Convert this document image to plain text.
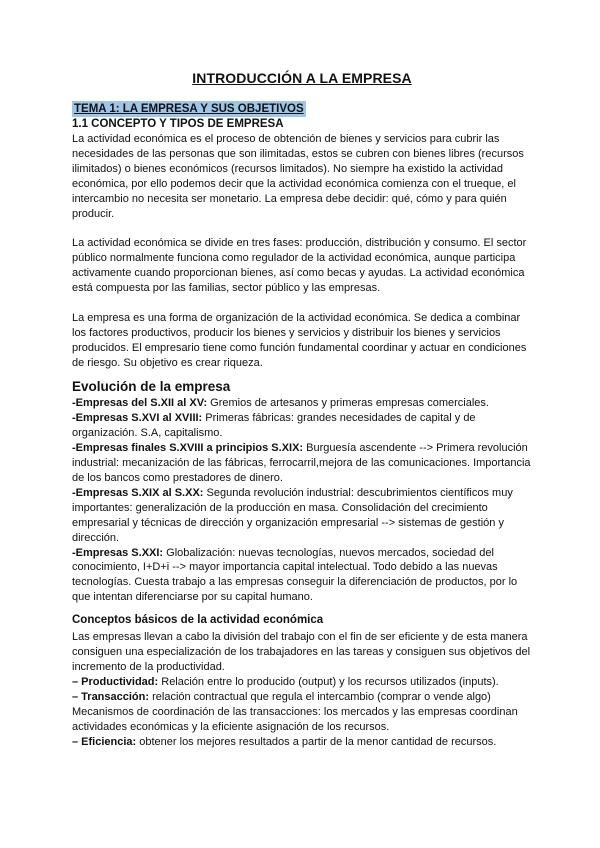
INTRODUCCIÓN A LA EMPRESA
TEMA 1: LA EMPRESA Y SUS OBJETIVOS
1.1 CONCEPTO Y TIPOS DE EMPRESA

La actividad económica es el proceso de obtención de bienes y servicios para cubrir las necesidades de las personas que son ilimitadas, estos se cubren con bienes libres (recursos ilimitados) o bienes económicos (recursos limitados). No siempre ha existido la actividad económica, por ello podemos decir que la actividad económica comienza con el trueque, el intercambio no necesita ser monetario. La empresa debe decidir: qué, cómo y para quién producir.

La actividad económica se divide en tres fases: producción, distribución y consumo. El sector público normalmente funciona como regulador de la actividad económica, aunque participa activamente cuando proporcionan bienes, así como becas y ayudas. La actividad económica está compuesta por las familias, sector público y las empresas.

La empresa es una forma de organización de la actividad económica. Se dedica a combinar los factores productivos, producir los bienes y servicios y distribuir los bienes y servicios producidos. El empresario tiene como función fundamental coordinar y actuar en condiciones de riesgo. Su objetivo es crear riqueza.

Evolución de la empresa

-Empresas del S.XII al XV: Gremios de artesanos y primeras empresas comerciales.

-Empresas S.XVI al XVIII: Primeras fábricas: grandes necesidades de capital y de organización. S.A, capitalismo.

-Empresas finales S.XVIII a principios S.XIX: Burguesía ascendente --> Primera revolución industrial: mecanización de las fábricas, ferrocarril,mejora de las comunicaciones. Importancia de los bancos como prestadores de dinero.

-Empresas S.XIX al S.XX: Segunda revolución industrial: descubrimientos científicos muy importantes: generalización de la producción en masa. Consolidación del crecimiento empresarial y técnicas de dirección y organización empresarial --> sistemas de gestión y dirección.

-Empresas S.XXI: Globalización: nuevas tecnologías, nuevos mercados, sociedad del conocimiento, I+D+i --> mayor importancia capital intelectual. Todo debido a las nuevas tecnologías. Cuesta trabajo a las empresas conseguir la diferenciación de productos, por lo que intentan diferenciarse por su capital humano.

Conceptos básicos de la actividad económica

Las empresas llevan a cabo la división del trabajo con el fin de ser eficiente y de esta manera consiguen una especialización de los trabajadores en las tareas y consiguen sus objetivos del incremento de la productividad.

– Productividad: Relación entre lo producido (output) y los recursos utilizados (inputs).

– Transacción: relación contractual que regula el intercambio (comprar o vende algo)

Mecanismos de coordinación de las transacciones: los mercados y las empresas coordinan actividades económicas y la eficiente asignación de los recursos.

– Eficiencia: obtener los mejores resultados a partir de la menor cantidad de recursos.
